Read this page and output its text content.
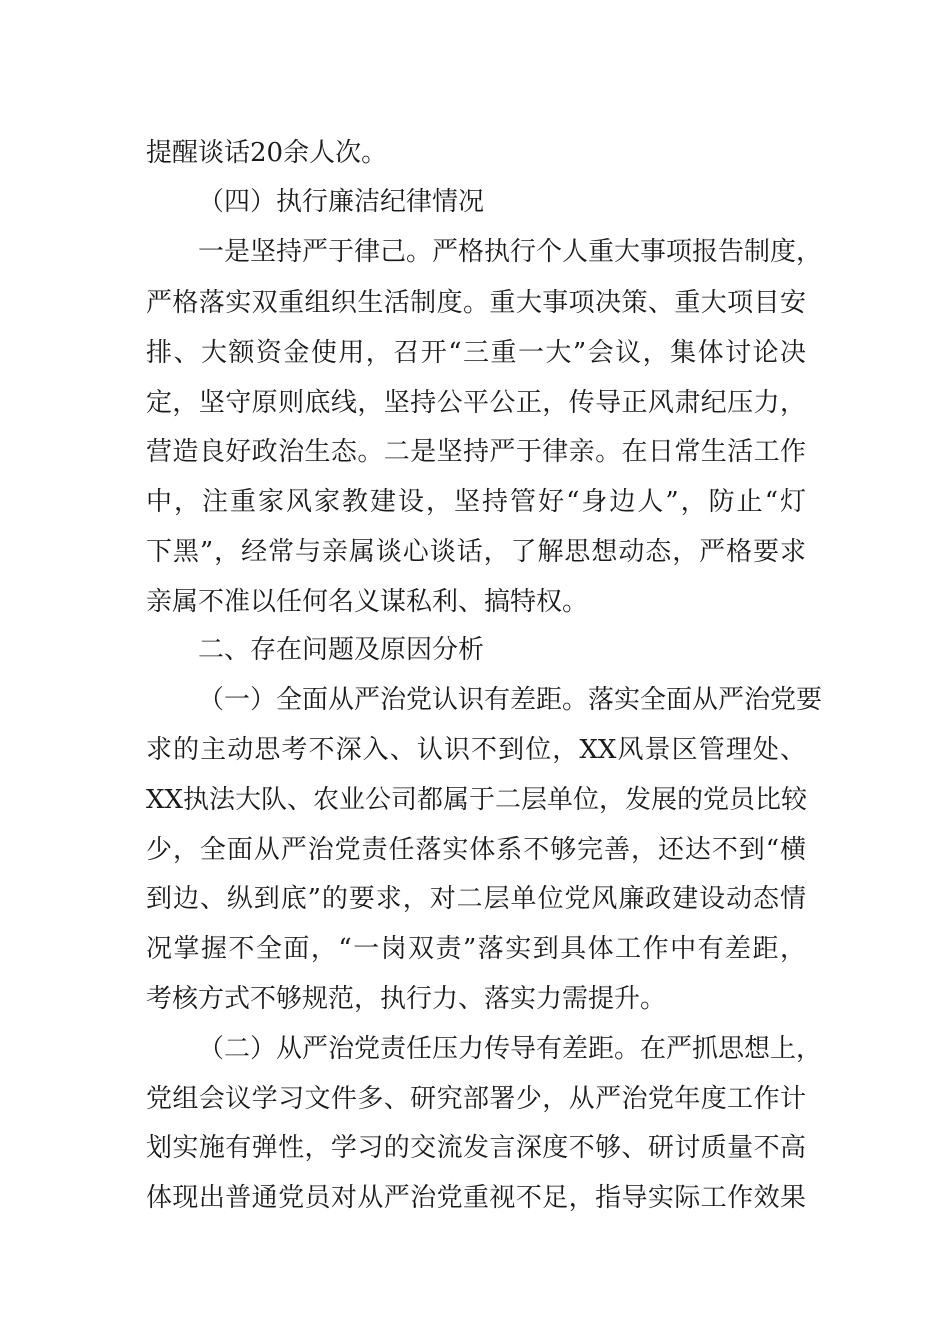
提醒谈话20余人次。
（四）执行廉洁纪律情况
一是坚持严于律己。严格执行个人重大事项报告制度，
严格落实双重组织生活制度。重大事项决策、重大项目安
排、大额资金使用，召开“三重一大”会议，集体讨论决
定，坚守原则底线，坚持公平公正，传导正风肃纪压力，
营造良好政治生态。二是坚持严于律亲。在日常生活工作
中，注重家风家教建设，坚持管好“身边人”，防止“灯
下黑”，经常与亲属谈心谈话，了解思想动态，严格要求
亲属不准以任何名义谋私利、搞特权。
二、存在问题及原因分析
（一）全面从严治党认识有差距。落实全面从严治党要
求的主动思考不深入、认识不到位，XX风景区管理处、
XX执法大队、农业公司都属于二层单位，发展的党员比较
少，全面从严治党责任落实体系不够完善，还达不到“横
到边、纵到底”的要求，对二层单位党风廉政建设动态情
况掌握不全面，“一岗双责”落实到具体工作中有差距，
考核方式不够规范，执行力、落实力需提升。
（二）从严治党责任压力传导有差距。在严抓思想上，
党组会议学习文件多、研究部署少，从严治党年度工作计
划实施有弹性，学习的交流发言深度不够、研讨质量不高
体现出普通党员对从严治党重视不足，指导实际工作效果
